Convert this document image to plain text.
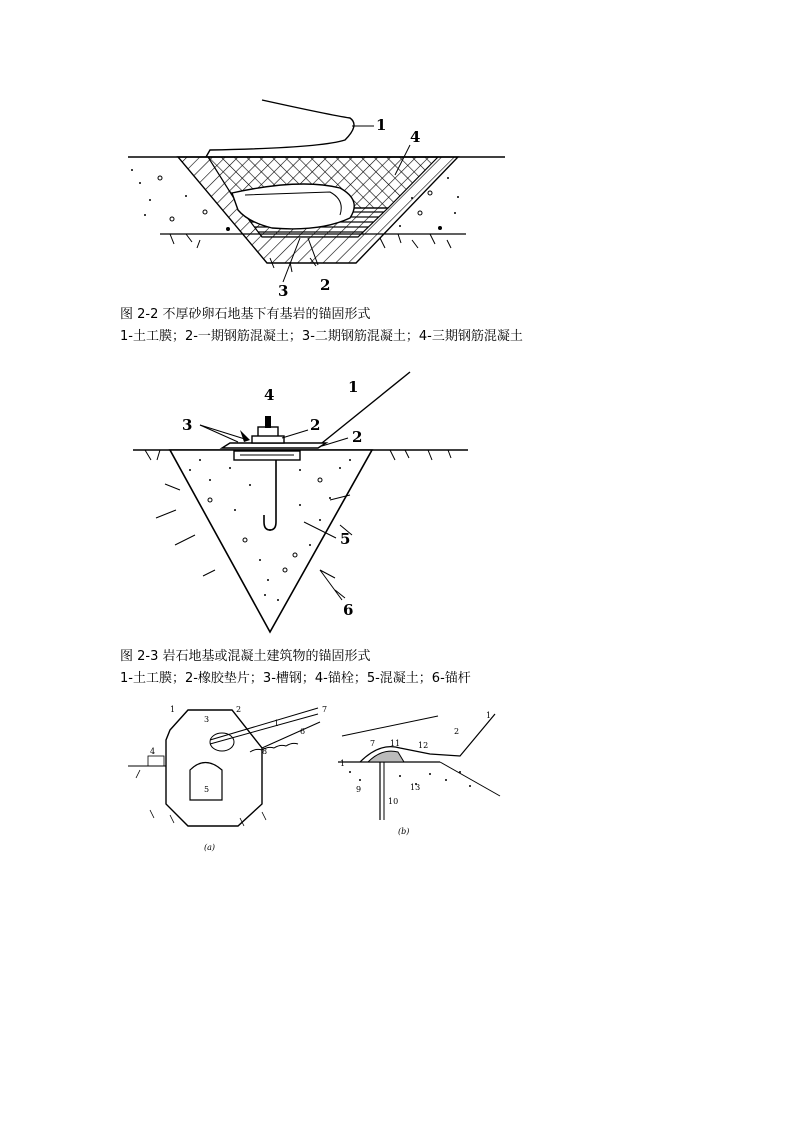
1
2
3
4
图 2-2 不厚砂卵石地基下有基岩的锚固形式
1-土工膜；2-一期钢筋混凝土；3-二期钢筋混凝土；4-三期钢筋混凝土
1
2
2
3
4
5
6
图 2-3 岩石地基或混凝土建筑物的锚固形式
1-土工膜；2-橡胶垫片；3-槽钢；4-锚栓；5-混凝土；6-锚杆
1	2
3	1
4
5
6
7
8
(a)
1
2
1
7 11 12
9	13
10
(b)
